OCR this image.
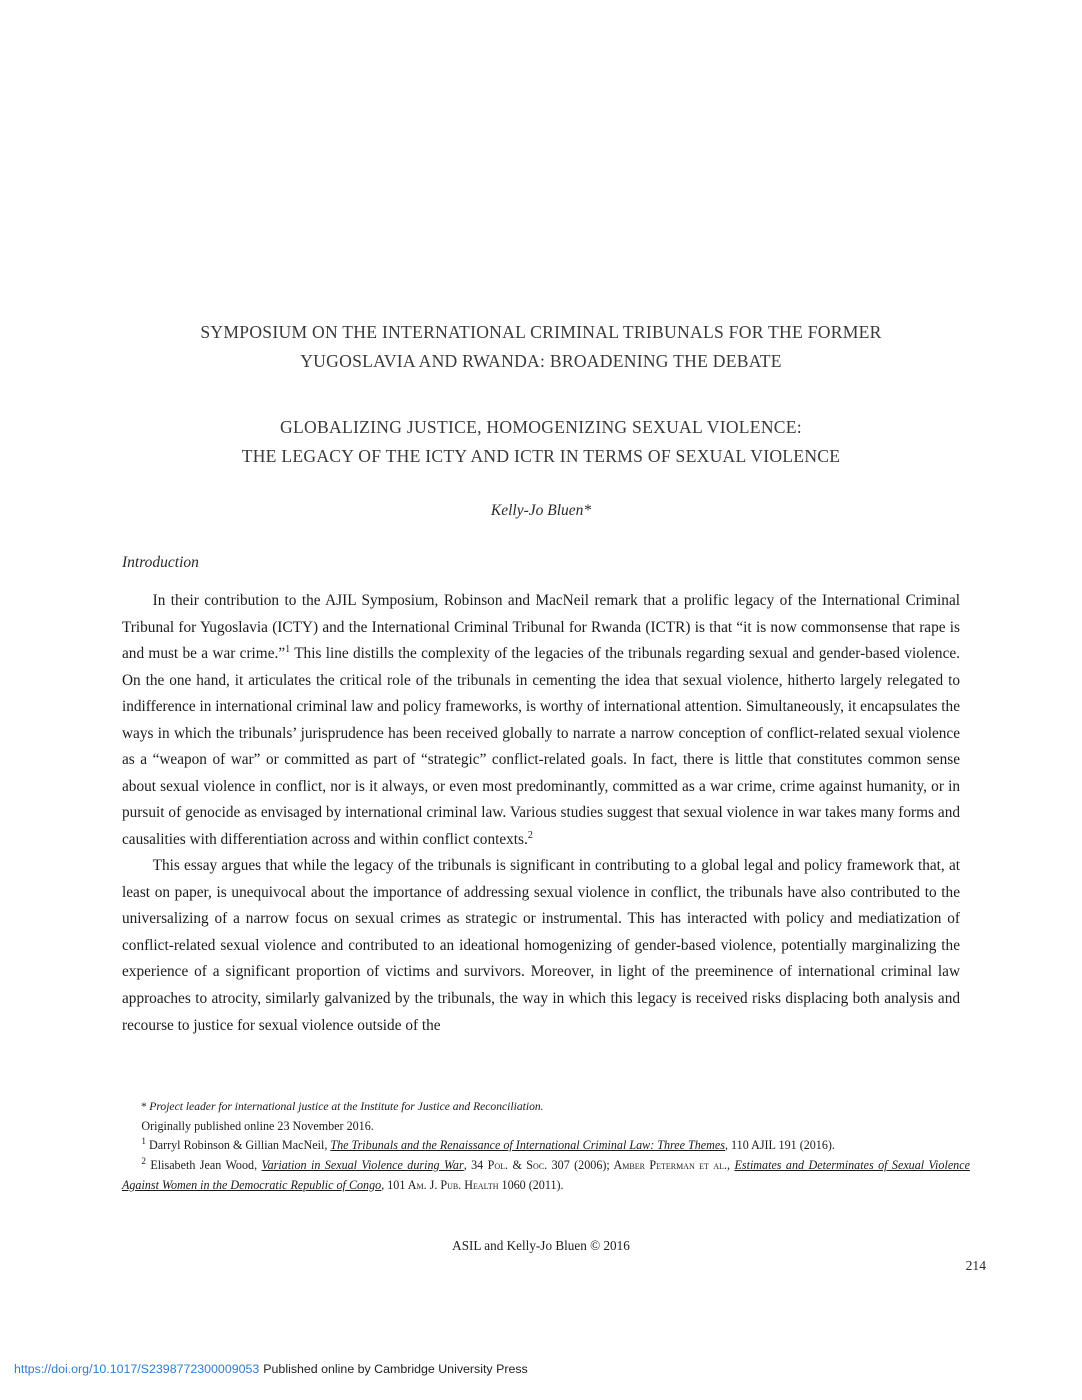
SYMPOSIUM ON THE INTERNATIONAL CRIMINAL TRIBUNALS FOR THE FORMER
YUGOSLAVIA AND RWANDA: BROADENING THE DEBATE
GLOBALIZING JUSTICE, HOMOGENIZING SEXUAL VIOLENCE:
THE LEGACY OF THE ICTY AND ICTR IN TERMS OF SEXUAL VIOLENCE
Kelly-Jo Bluen*
Introduction

In their contribution to the AJIL Symposium, Robinson and MacNeil remark that a prolific legacy of the International Criminal Tribunal for Yugoslavia (ICTY) and the International Criminal Tribunal for Rwanda (ICTR) is that “it is now commonsense that rape is and must be a war crime.”$^1$ This line distills the complexity of the legacies of the tribunals regarding sexual and gender-based violence. On the one hand, it articulates the critical role of the tribunals in cementing the idea that sexual violence, hitherto largely relegated to indifference in international criminal law and policy frameworks, is worthy of international attention. Simultaneously, it encapsulates the ways in which the tribunals’ jurisprudence has been received globally to narrate a narrow conception of conflict-related sexual violence as a “weapon of war” or committed as part of “strategic” conflict-related goals. In fact, there is little that constitutes common sense about sexual violence in conflict, nor is it always, or even most predominantly, committed as a war crime, crime against humanity, or in pursuit of genocide as envisaged by international criminal law. Various studies suggest that sexual violence in war takes many forms and causalities with differentiation across and within conflict contexts.$^2$

This essay argues that while the legacy of the tribunals is significant in contributing to a global legal and policy framework that, at least on paper, is unequivocal about the importance of addressing sexual violence in conflict, the tribunals have also contributed to the universalizing of a narrow focus on sexual crimes as strategic or instrumental. This has interacted with policy and mediatization of conflict-related sexual violence and contributed to an ideational homogenizing of gender-based violence, potentially marginalizing the experience of a significant proportion of victims and survivors. Moreover, in light of the preeminence of international criminal law approaches to atrocity, similarly galvanized by the tribunals, the way in which this legacy is received risks displacing both analysis and recourse to justice for sexual violence outside of the

* Project leader for international justice at the Institute for Justice and Reconciliation.

Originally published online 23 November 2016.

$^1$ Darryl Robinson & Gillian MacNeil, The Tribunals and the Renaissance of International Criminal Law: Three Themes, 110 AJIL 191 (2016).

$^2$ Elisabeth Jean Wood, Variation in Sexual Violence during War, 34 Pol. & Soc. 307 (2006); Amber Peterman et al., Estimates and Determinates of Sexual Violence Against Women in the Democratic Republic of Congo, 101 Am. J. Pub. Health 1060 (2011).

ASIL and Kelly-Jo Bluen © 2016
214
https://doi.org/10.1017/S2398772300009053 Published online by Cambridge University Press
